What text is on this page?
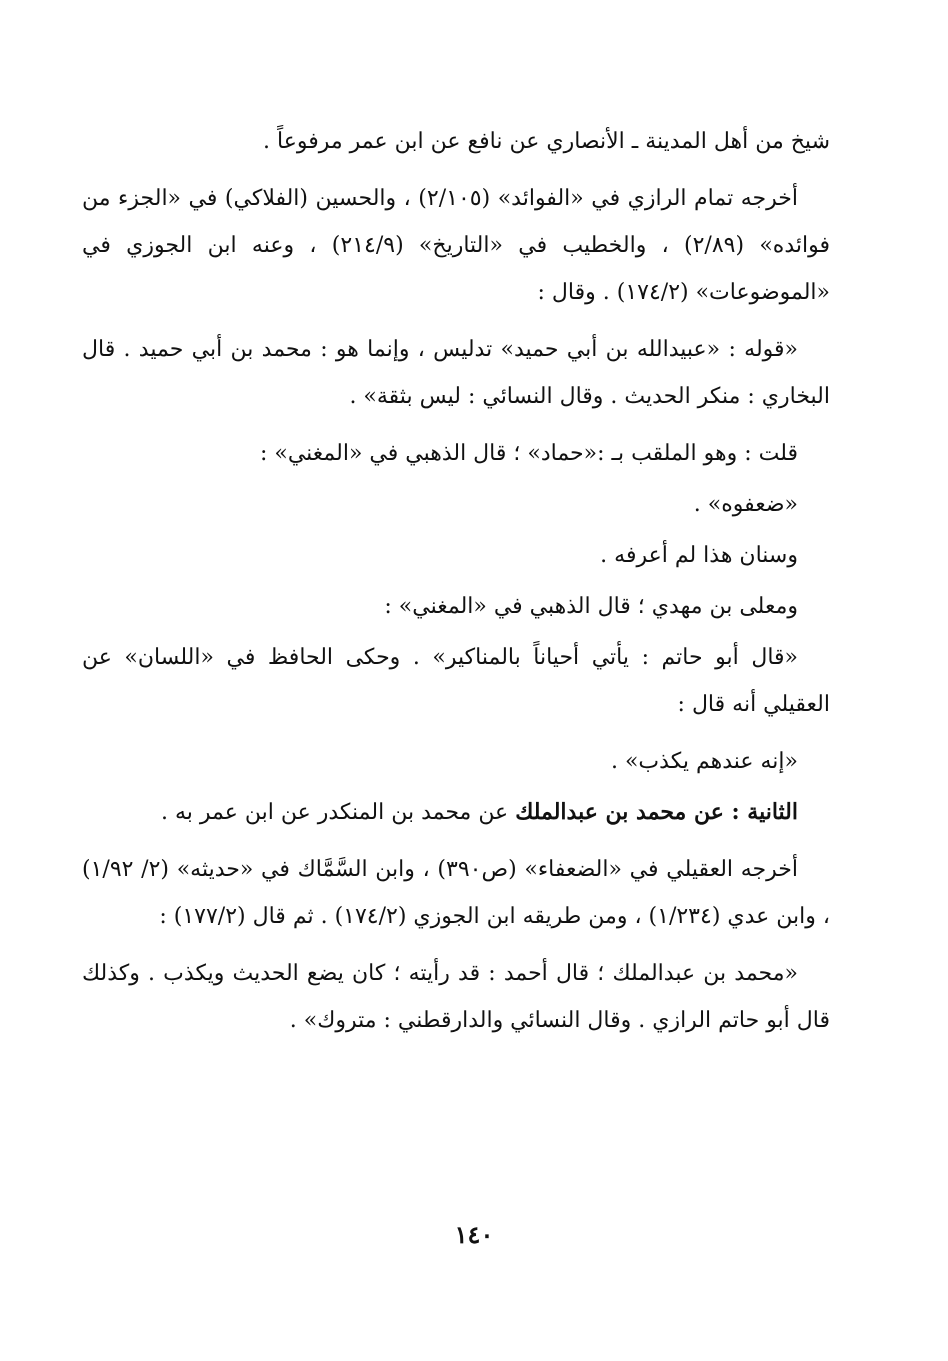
شيخ من أهل المدينة ـ الأنصاري عن نافع عن ابن عمر مرفوعاً .

أخرجه تمام الرازي في «الفوائد» (٢/١٠٥) ، والحسين (الفلاكي) في «الجزء من فوائده» (٢/٨٩) ، والخطيب في «التاريخ» (٢١٤/٩) ، وعنه ابن الجوزي في «الموضوعات» (١٧٤/٢) . وقال :

«قوله : «عبيدالله بن أبي حميد» تدليس ، وإنما هو : محمد بن أبي حميد . قال البخاري : منكر الحديث . وقال النسائي : ليس بثقة» .

قلت : وهو الملقب بـ :«حماد» ؛ قال الذهبي في «المغني» :

«ضعفوه» .

وسنان هذا لم أعرفه .

ومعلى بن مهدي ؛ قال الذهبي في «المغني» :

«قال أبو حاتم : يأتي أحياناً بالمناكير» . وحكى الحافظ في «اللسان» عن العقيلي أنه قال :

«إنه عندهم يكذب» .

الثانية : عن محمد بن عبدالملك عن محمد بن المنكدر عن ابن عمر به .

أخرجه العقيلي في «الضعفاء» (ص٣٩٠) ، وابن السَّمَّاك في «حديثه» (٢/ ١/٩٢) ، وابن عدي (١/٢٣٤) ، ومن طريقه ابن الجوزي (١٧٤/٢) . ثم قال (١٧٧/٢) :

«محمد بن عبدالملك ؛ قال أحمد : قد رأيته ؛ كان يضع الحديث ويكذب . وكذلك قال أبو حاتم الرازي . وقال النسائي والدارقطني : متروك» .

١٤٠
